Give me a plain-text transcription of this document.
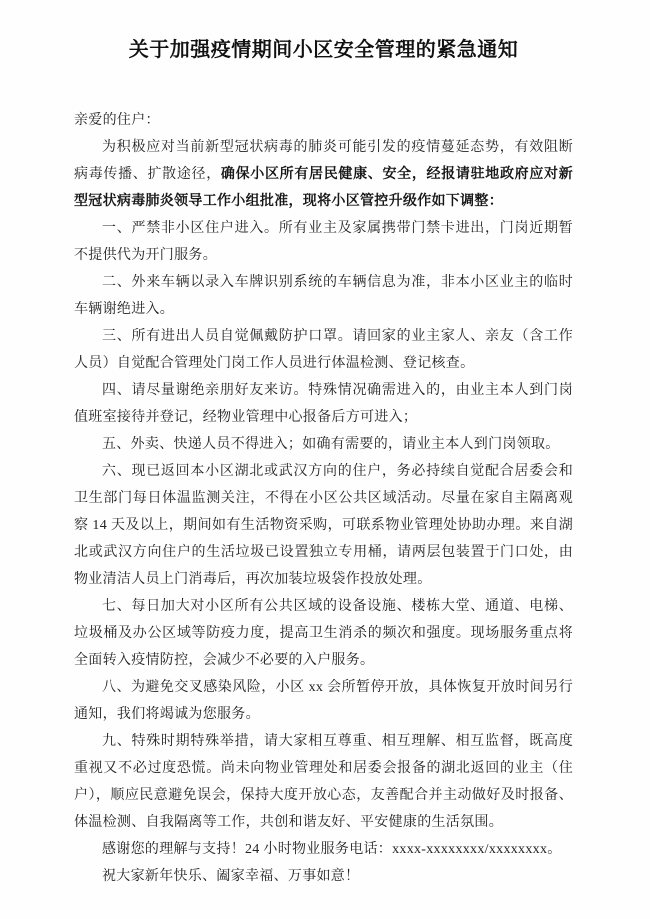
关于加强疫情期间小区安全管理的紧急通知

亲爱的住户：

为积极应对当前新型冠状病毒的肺炎可能引发的疫情蔓延态势，有效阻断病毒传播、扩散途径，确保小区所有居民健康、安全，经报请驻地政府应对新型冠状病毒肺炎领导工作小组批准，现将小区管控升级作如下调整：

一、严禁非小区住户进入。所有业主及家属携带门禁卡进出，门岗近期暂不提供代为开门服务。

二、外来车辆以录入车牌识别系统的车辆信息为准，非本小区业主的临时车辆谢绝进入。

三、所有进出人员自觉佩戴防护口罩。请回家的业主家人、亲友（含工作人员）自觉配合管理处门岗工作人员进行体温检测、登记核查。

四、请尽量谢绝亲朋好友来访。特殊情况确需进入的，由业主本人到门岗值班室接待并登记，经物业管理中心报备后方可进入；

五、外卖、快递人员不得进入；如确有需要的，请业主本人到门岗领取。

六、现已返回本小区湖北或武汉方向的住户，务必持续自觉配合居委会和卫生部门每日体温监测关注，不得在小区公共区域活动。尽量在家自主隔离观察 14 天及以上，期间如有生活物资采购，可联系物业管理处协助办理。来自湖北或武汉方向住户的生活垃圾已设置独立专用桶，请两层包装置于门口处，由物业清洁人员上门消毒后，再次加装垃圾袋作投放处理。

七、每日加大对小区所有公共区域的设备设施、楼栋大堂、通道、电梯、垃圾桶及办公区域等防疫力度，提高卫生消杀的频次和强度。现场服务重点将全面转入疫情防控，会减少不必要的入户服务。

八、为避免交叉感染风险，小区 xx 会所暂停开放，具体恢复开放时间另行通知，我们将竭诚为您服务。

九、特殊时期特殊举措，请大家相互尊重、相互理解、相互监督，既高度重视又不必过度恐慌。尚未向物业管理处和居委会报备的湖北返回的业主（住户），顺应民意避免误会，保持大度开放心态，友善配合并主动做好及时报备、体温检测、自我隔离等工作，共创和谐友好、平安健康的生活氛围。

感谢您的理解与支持！24 小时物业服务电话：xxxx-xxxxxxxx/xxxxxxxx。

祝大家新年快乐、阖家幸福、万事如意！
